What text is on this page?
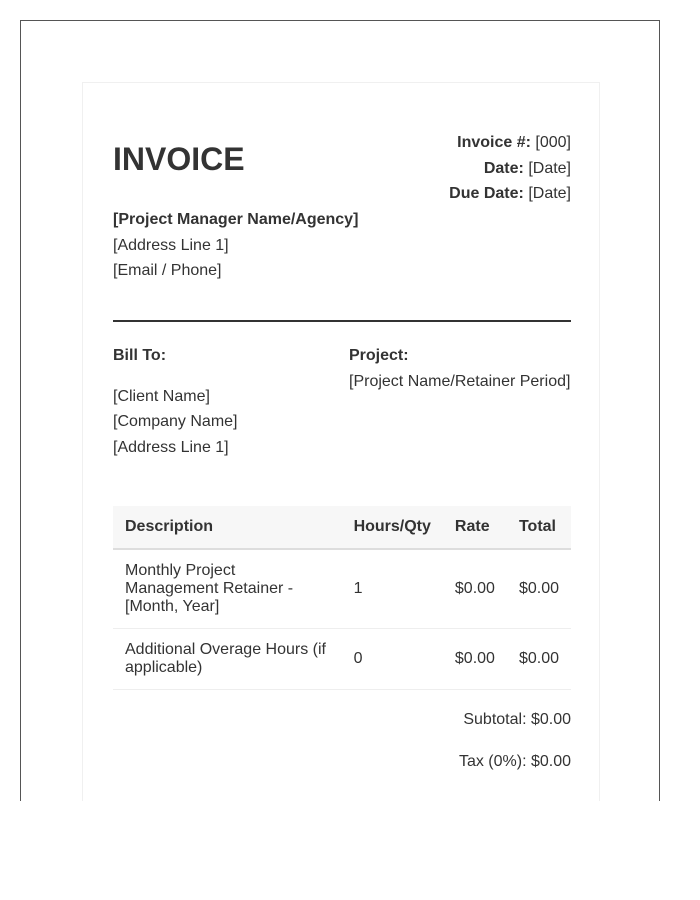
INVOICE	Invoice #: [000]
Date: [Date]
Due Date: [Date]
[Project Manager Name/Agency]
[Address Line 1]
[Email / Phone]
Bill To:
[Client Name]
[Company Name]
[Address Line 1]
Project:
[Project Name/Retainer Period]
Description	Hours/Qty	Rate	Total
Monthly Project Management Retainer - [Month, Year]	1	$0.00	$0.00
Additional Overage Hours (if applicable)	0	$0.00	$0.00
Subtotal: $0.00
Tax (0%): $0.00
